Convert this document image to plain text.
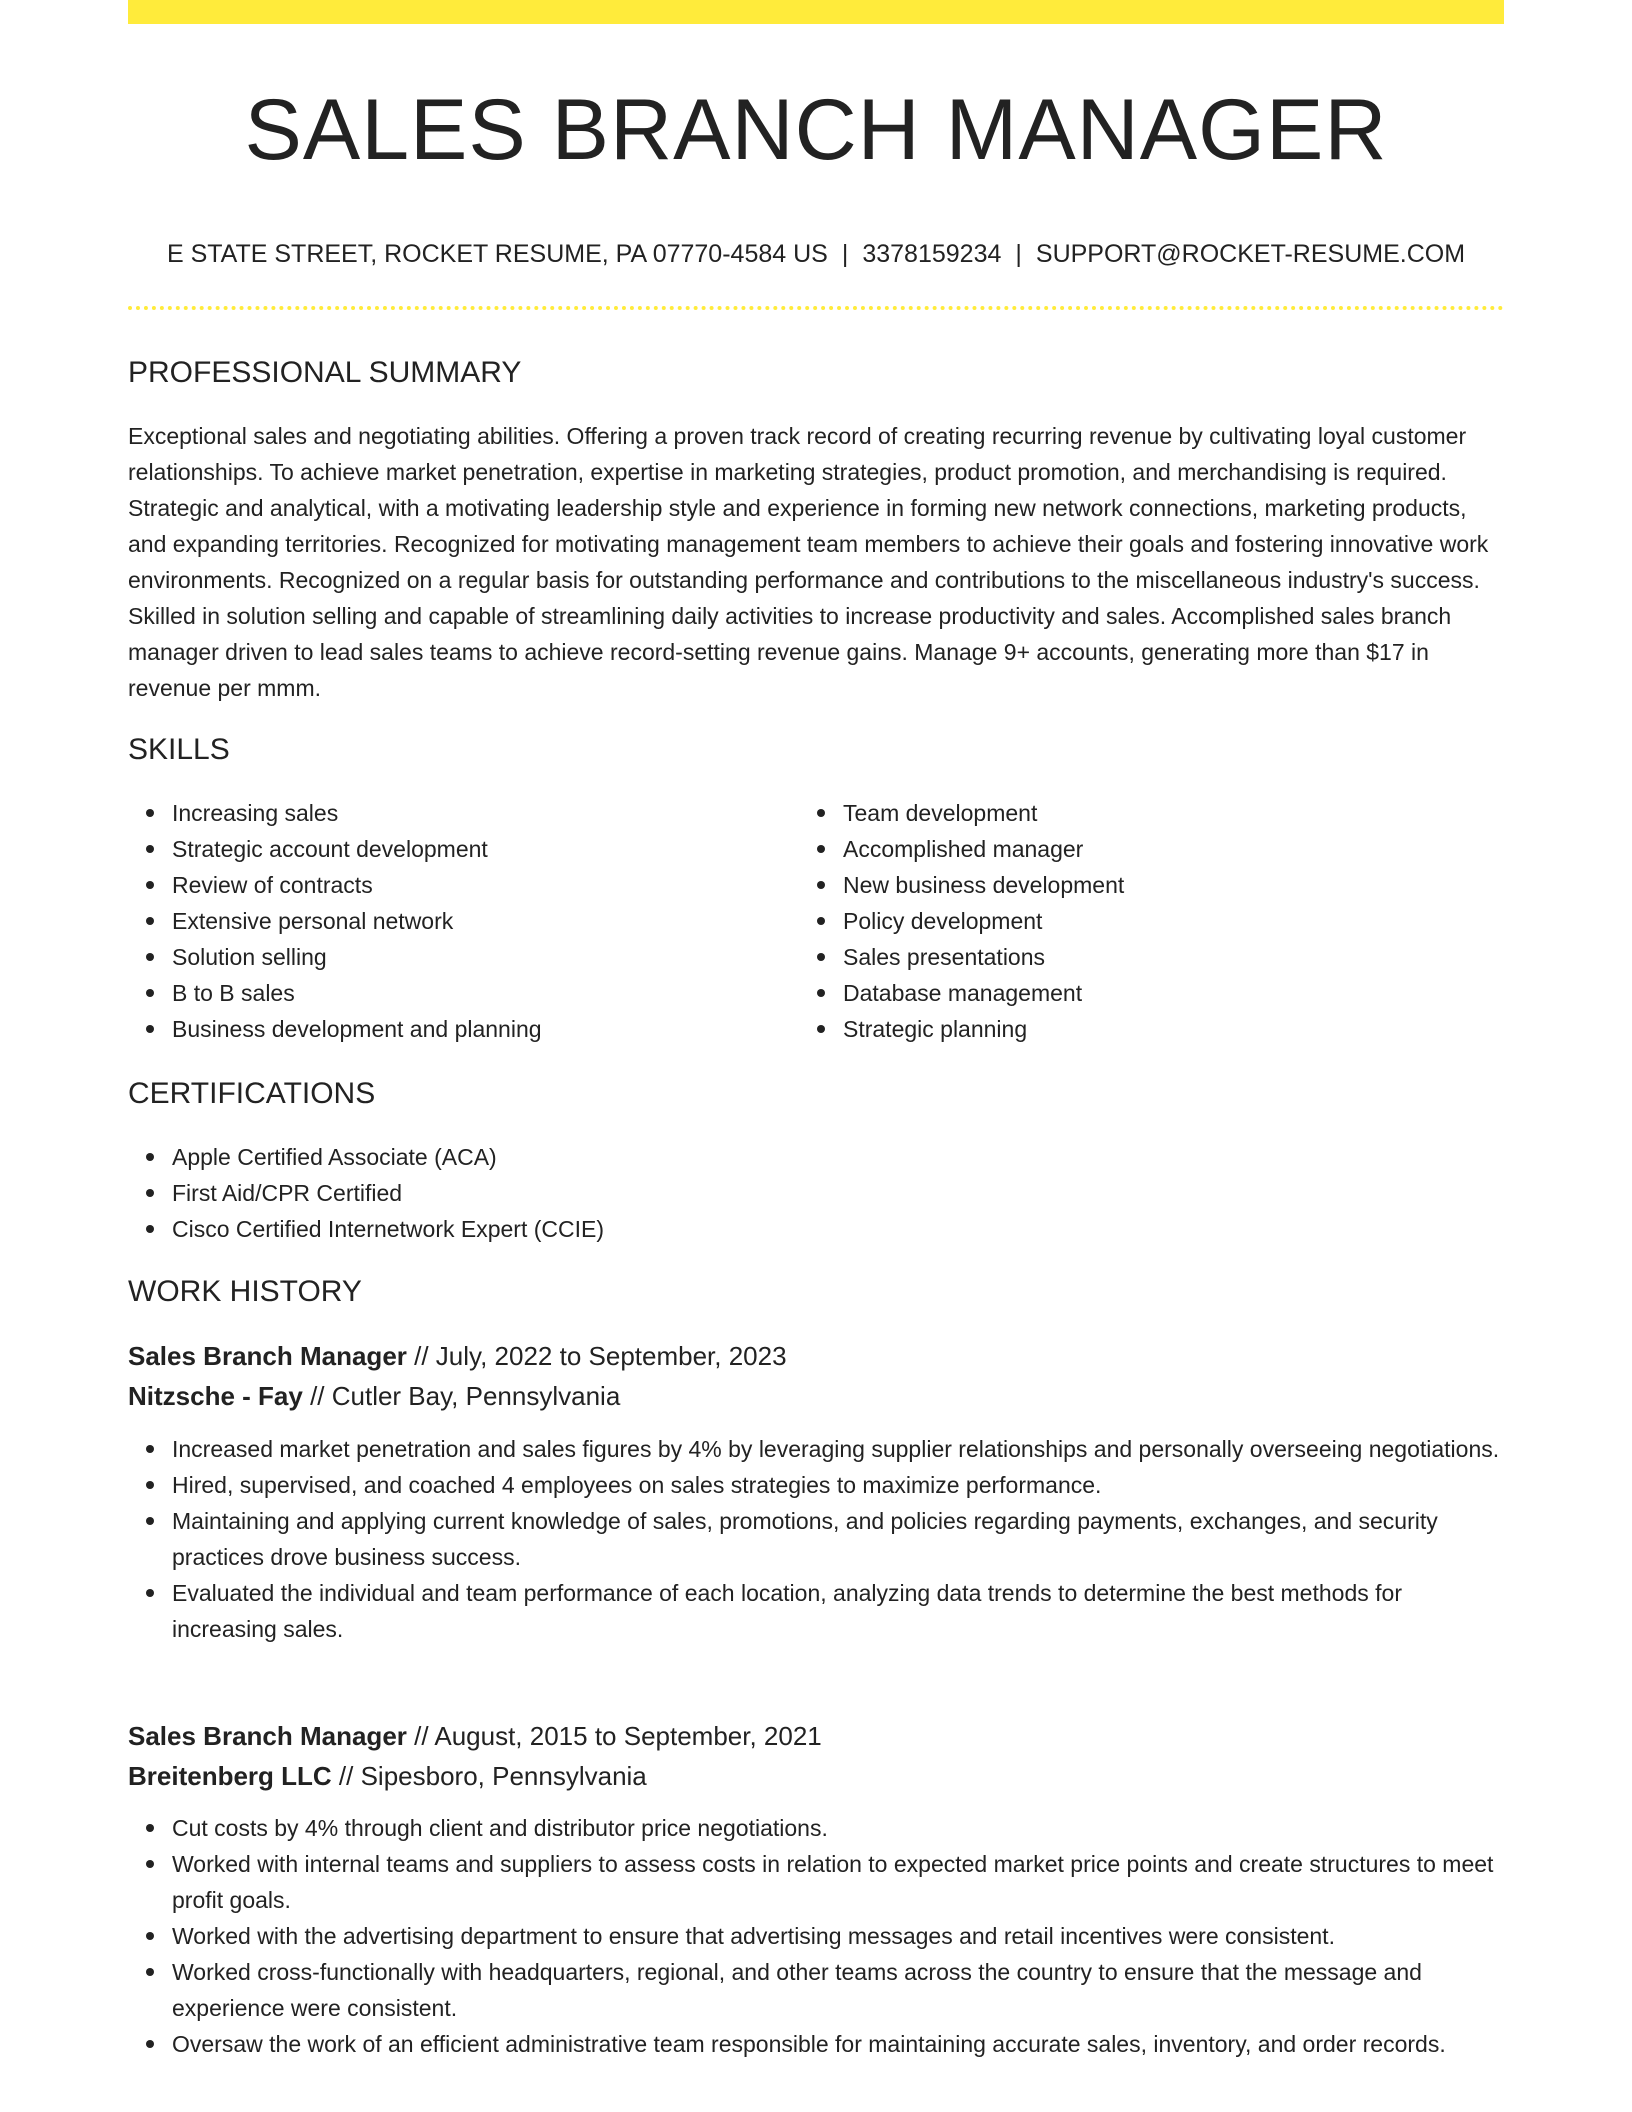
SALES BRANCH MANAGER
E STATE STREET, ROCKET RESUME, PA 07770-4584 US | 3378159234 | SUPPORT@ROCKET-RESUME.COM
PROFESSIONAL SUMMARY

Exceptional sales and negotiating abilities. Offering a proven track record of creating recurring revenue by cultivating loyal customer relationships. To achieve market penetration, expertise in marketing strategies, product promotion, and merchandising is required. Strategic and analytical, with a motivating leadership style and experience in forming new network connections, marketing products, and expanding territories. Recognized for motivating management team members to achieve their goals and fostering innovative work environments. Recognized on a regular basis for outstanding performance and contributions to the miscellaneous industry's success. Skilled in solution selling and capable of streamlining daily activities to increase productivity and sales. Accomplished sales branch manager driven to lead sales teams to achieve record-setting revenue gains. Manage 9+ accounts, generating more than $17 in revenue per mmm.

SKILLS
Increasing sales
Strategic account development
Review of contracts
Extensive personal network
Solution selling
B to B sales
Business development and planning
Team development
Accomplished manager
New business development
Policy development
Sales presentations
Database management
Strategic planning
CERTIFICATIONS
Apple Certified Associate (ACA)
First Aid/CPR Certified
Cisco Certified Internetwork Expert (CCIE)
WORK HISTORY
Sales Branch Manager // July, 2022 to September, 2023
Nitzsche - Fay // Cutler Bay, Pennsylvania
Increased market penetration and sales figures by 4% by leveraging supplier relationships and personally overseeing negotiations.
Hired, supervised, and coached 4 employees on sales strategies to maximize performance.
Maintaining and applying current knowledge of sales, promotions, and policies regarding payments, exchanges, and security practices drove business success.
Evaluated the individual and team performance of each location, analyzing data trends to determine the best methods for increasing sales.
Sales Branch Manager // August, 2015 to September, 2021
Breitenberg LLC // Sipesboro, Pennsylvania
Cut costs by 4% through client and distributor price negotiations.
Worked with internal teams and suppliers to assess costs in relation to expected market price points and create structures to meet profit goals.
Worked with the advertising department to ensure that advertising messages and retail incentives were consistent.
Worked cross-functionally with headquarters, regional, and other teams across the country to ensure that the message and experience were consistent.
Oversaw the work of an efficient administrative team responsible for maintaining accurate sales, inventory, and order records.
